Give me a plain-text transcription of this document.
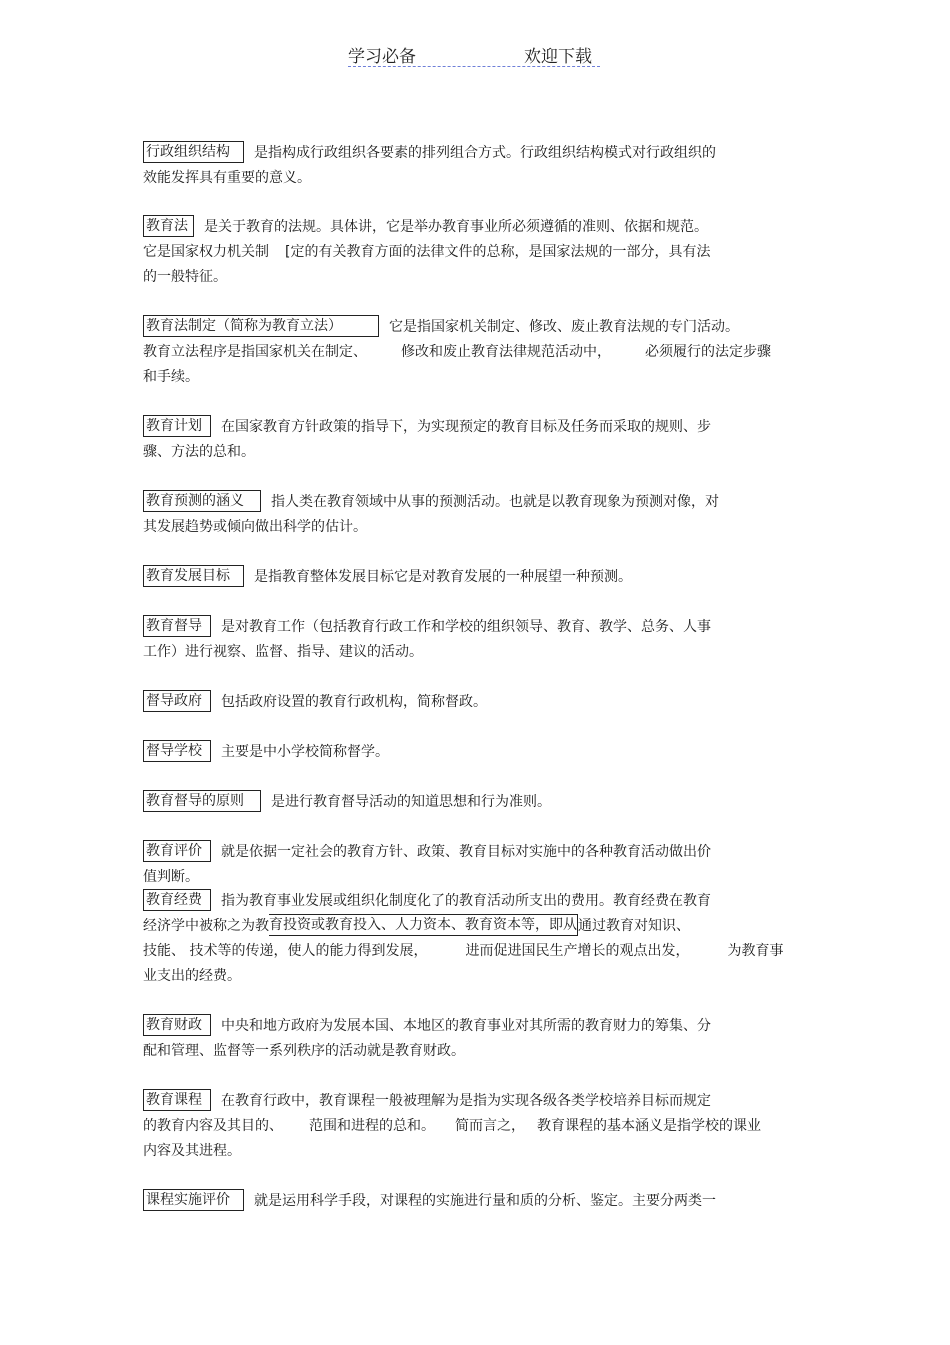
学习必备	欢迎下载
行政组织结构 是指构成行政组织各要素的排列组合方式。行政组织结构模式对行政组织的
效能发挥具有重要的意义。
教育法 是关于教育的法规。具体讲，它是举办教育事业所必须遵循的准则、依据和规范。
它是国家权力机关制 [定的有关教育方面的法律文件的总称，是国家法规的一部分，具有法
的一般特征。
教育法制定（简称为教育立法）	它是指国家机关制定、修改、废止教育法规的专门活动。
教育立法程序是指国家机关在制定、 修改和废止教育法律规范活动中， 必须履行的法定步骤
和手续。
教育计划 在国家教育方针政策的指导下，为实现预定的教育目标及任务而采取的规则、步
骤、方法的总和。
教育预测的涵义 指人类在教育领域中从事的预测活动。也就是以教育现象为预测对像，对
其发展趋势或倾向做出科学的估计。
教育发展目标 是指教育整体发展目标它是对教育发展的一种展望一种预测。
教育督导 是对教育工作（包括教育行政工作和学校的组织领导、教育、教学、总务、人事
工作）进行视察、监督、指导、建议的活动。
督导政府 包括政府设置的教育行政机构，简称督政。
督导学校 主要是中小学校简称督学。
教育督导的原则 是进行教育督导活动的知道思想和行为准则。
教育评价 就是依据一定社会的教育方针、政策、教育目标对实施中的各种教育活动做出价
值判断。
教育经费 指为教育事业发展或组织化制度化了的教育活动所支出的费用。教育经费在教育
经济学中被称之为教育投资或教育投入、人力资本、教育资本等，即从通过教育对知识、
技能、 技术等的传递，使人的能力得到发展，	进而促进国民生产增长的观点出发，	为教育事
业支出的经费。
教育财政 中央和地方政府为发展本国、本地区的教育事业对其所需的教育财力的筹集、分
配和管理、监督等一系列秩序的活动就是教育财政。
教育课程 在教育行政中，教育课程一般被理解为是指为实现各级各类学校培养目标而规定
的教育内容及其目的、 范围和进程的总和。 简而言之， 教育课程的基本涵义是指学校的课业
内容及其进程。
课程实施评价 就是运用科学手段，对课程的实施进行量和质的分析、鉴定。主要分两类一
